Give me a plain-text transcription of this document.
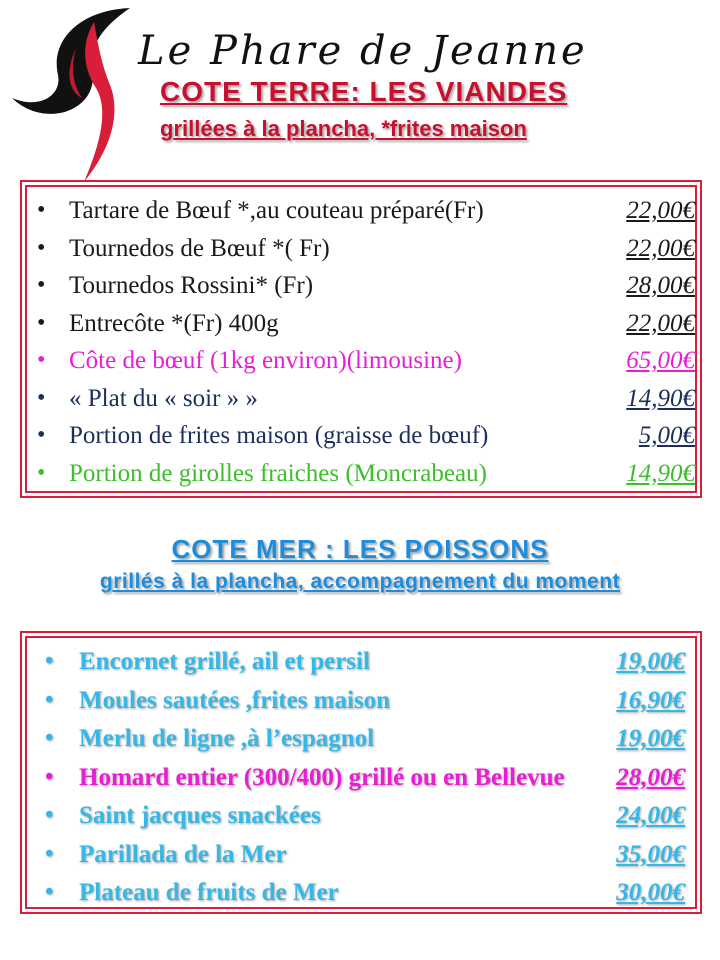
Le Phare de Jeanne
COTE TERRE: LES VIANDES
grillées à la plancha, *frites maison
• Tartare de Bœuf *,au couteau préparé(Fr)	22,00€
• Tournedos de Bœuf *( Fr)	22,00€
• Tournedos Rossini* (Fr)	28,00€
• Entrecôte *(Fr) 400g	22,00€
• Côte de bœuf (1kg environ)(limousine)	65,00€
• « Plat du « soir » »	14,90€
• Portion de frites maison (graisse de bœuf)	5,00€
• Portion de girolles fraiches (Moncrabeau)	14,90€
COTE MER : LES POISSONS
grillés à la plancha, accompagnement du moment
• Encornet grillé, ail et persil	19,00€
• Moules sautées ,frites maison	16,90€
• Merlu de ligne ,à l’espagnol	19,00€
• Homard entier (300/400) grillé ou en Bellevue 28,00€
• Saint jacques snackées	24,00€
• Parillada de la Mer	35,00€
• Plateau de fruits de Mer	30,00€
